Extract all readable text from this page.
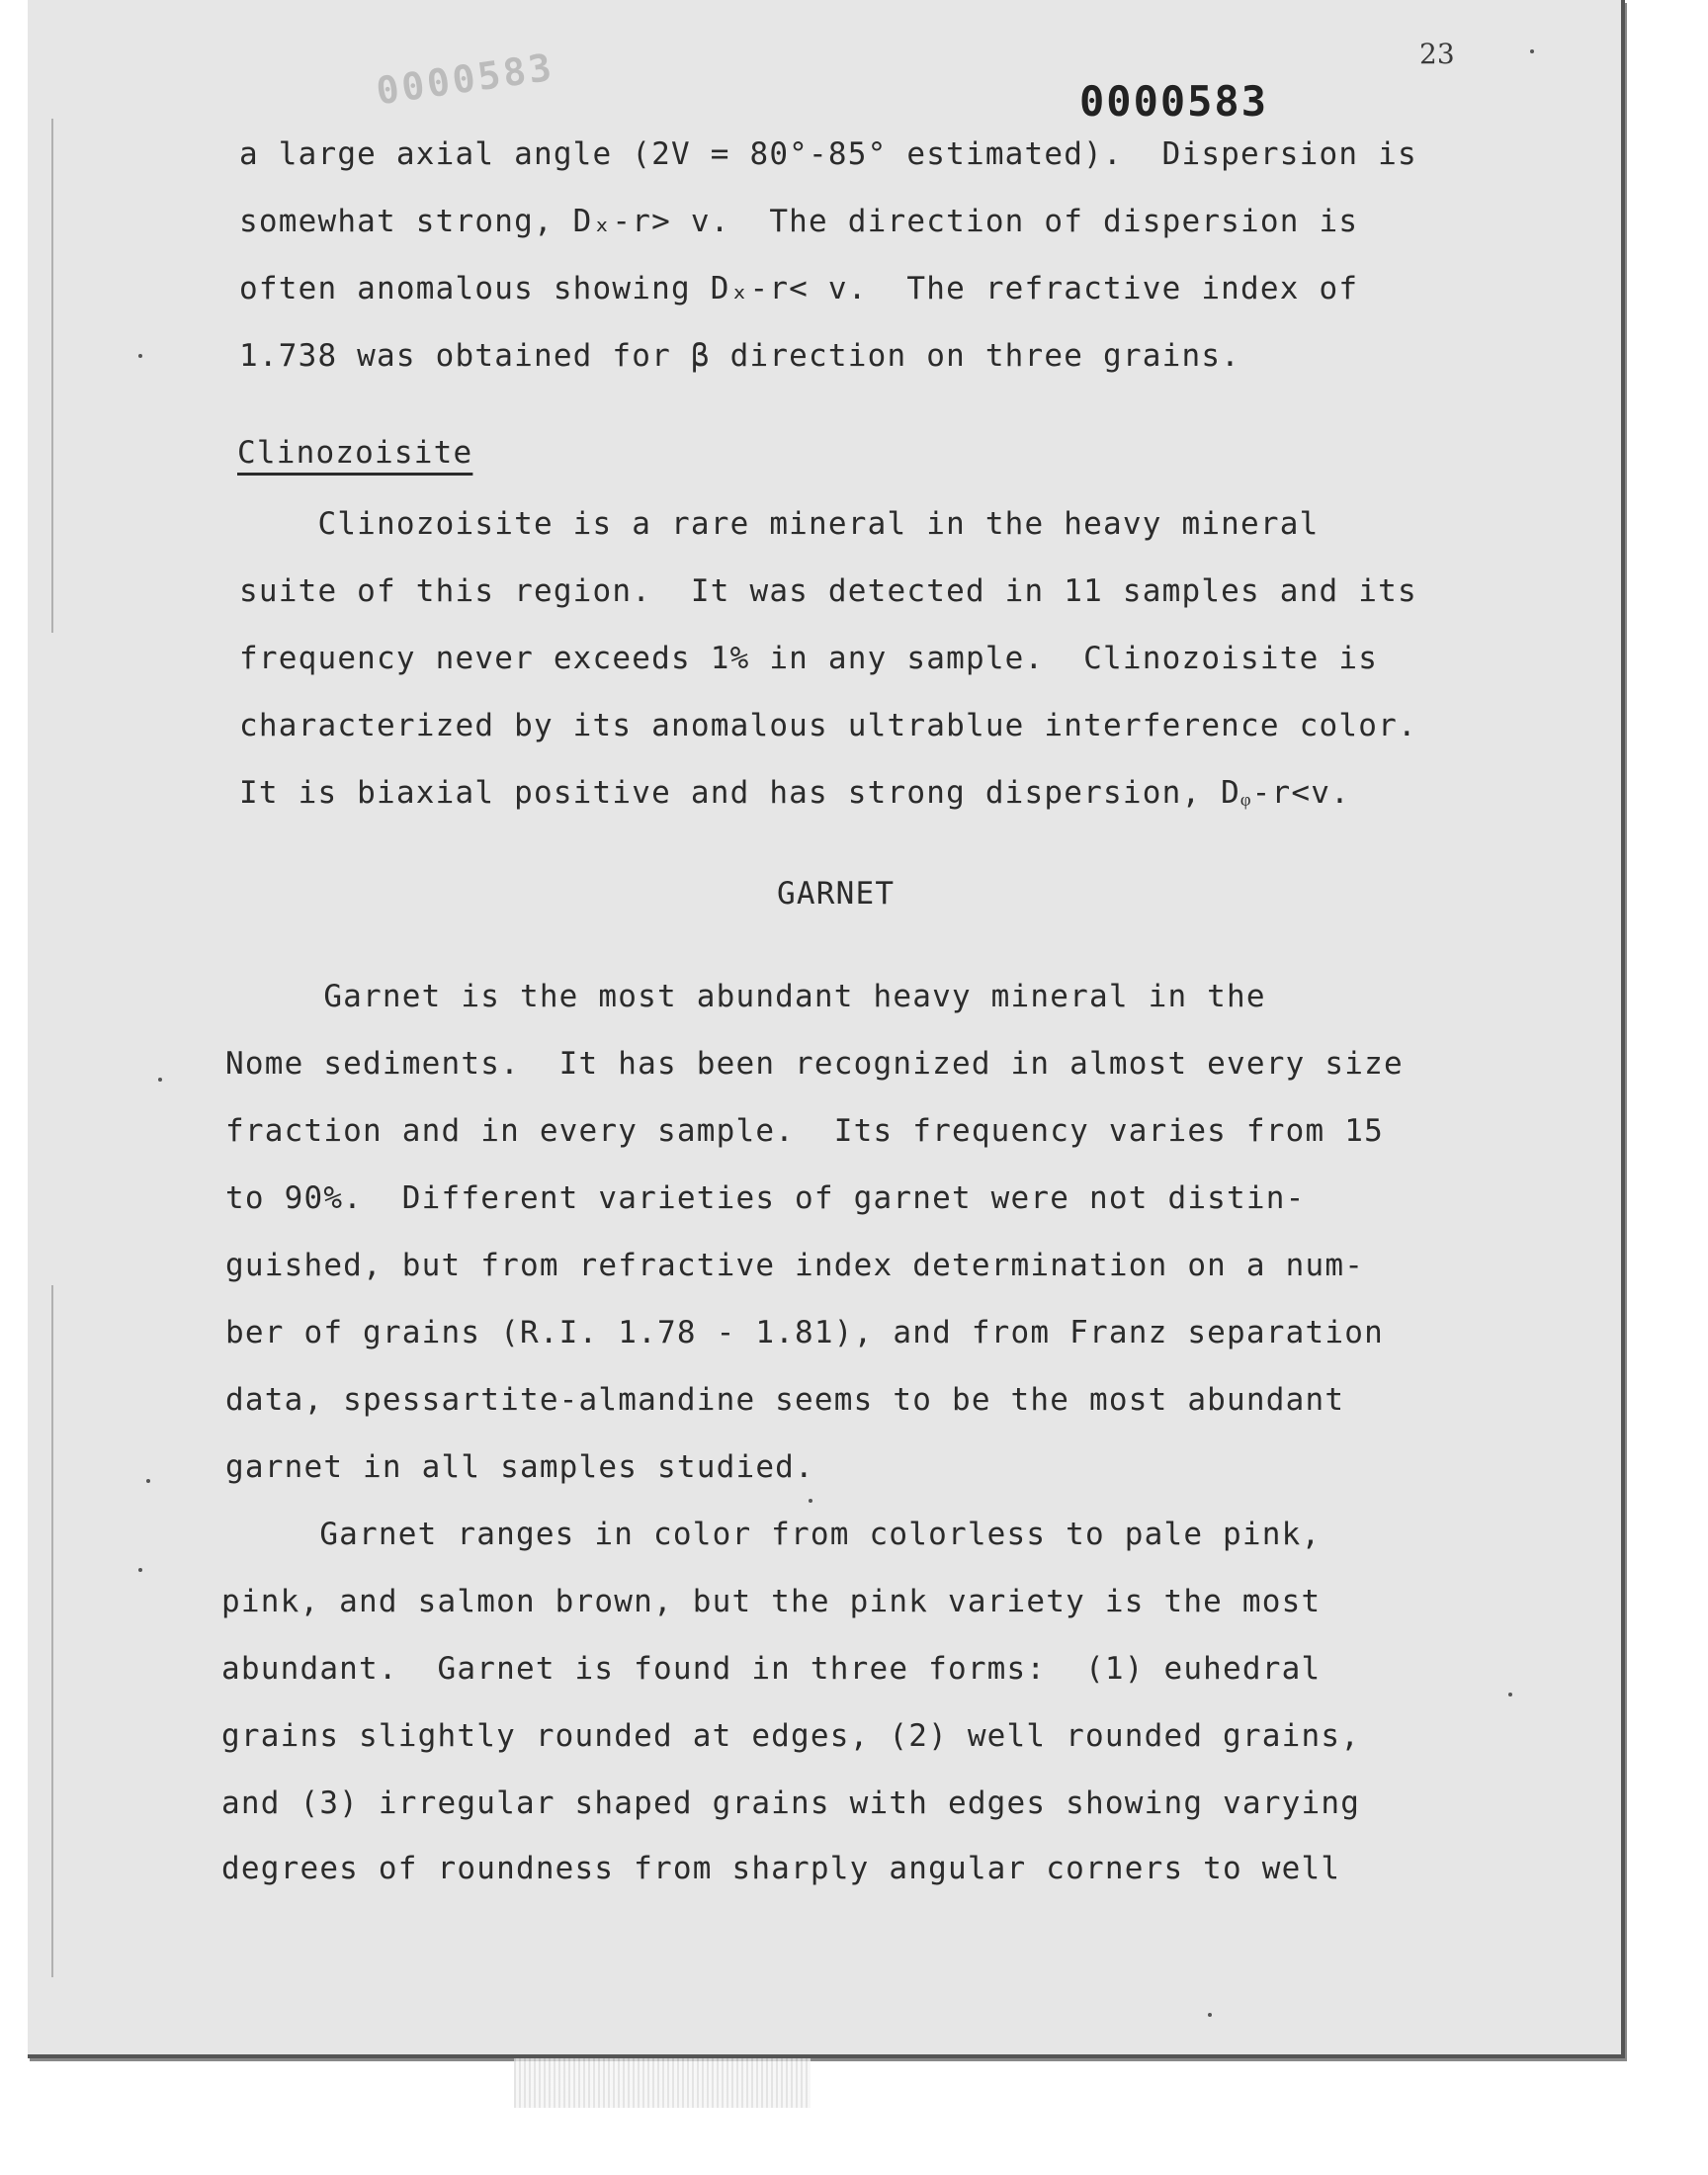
0000583	23
0000583
a large axial angle (2V = 80°-85° estimated).  Dispersion is
somewhat strong, Dₓ-r> v.  The direction of dispersion is
often anomalous showing Dₓ-r< v.  The refractive index of
1.738 was obtained for β direction on three grains.
Clinozoisite
Clinozoisite is a rare mineral in the heavy mineral
suite of this region.  It was detected in 11 samples and its
frequency never exceeds 1% in any sample.  Clinozoisite is
characterized by its anomalous ultrablue interference color.
It is biaxial positive and has strong dispersion, Dᵩ-r<v.
GARNET
Garnet is the most abundant heavy mineral in the
Nome sediments.  It has been recognized in almost every size
fraction and in every sample.  Its frequency varies from 15
to 90%.  Different varieties of garnet were not distin-
guished, but from refractive index determination on a num-
ber of grains (R.I. 1.78 - 1.81), and from Franz separation
data, spessartite-almandine seems to be the most abundant
garnet in all samples studied.
Garnet ranges in color from colorless to pale pink,
pink, and salmon brown, but the pink variety is the most
abundant.  Garnet is found in three forms:  (1) euhedral
grains slightly rounded at edges, (2) well rounded grains,
and (3) irregular shaped grains with edges showing varying
degrees of roundness from sharply angular corners to well
